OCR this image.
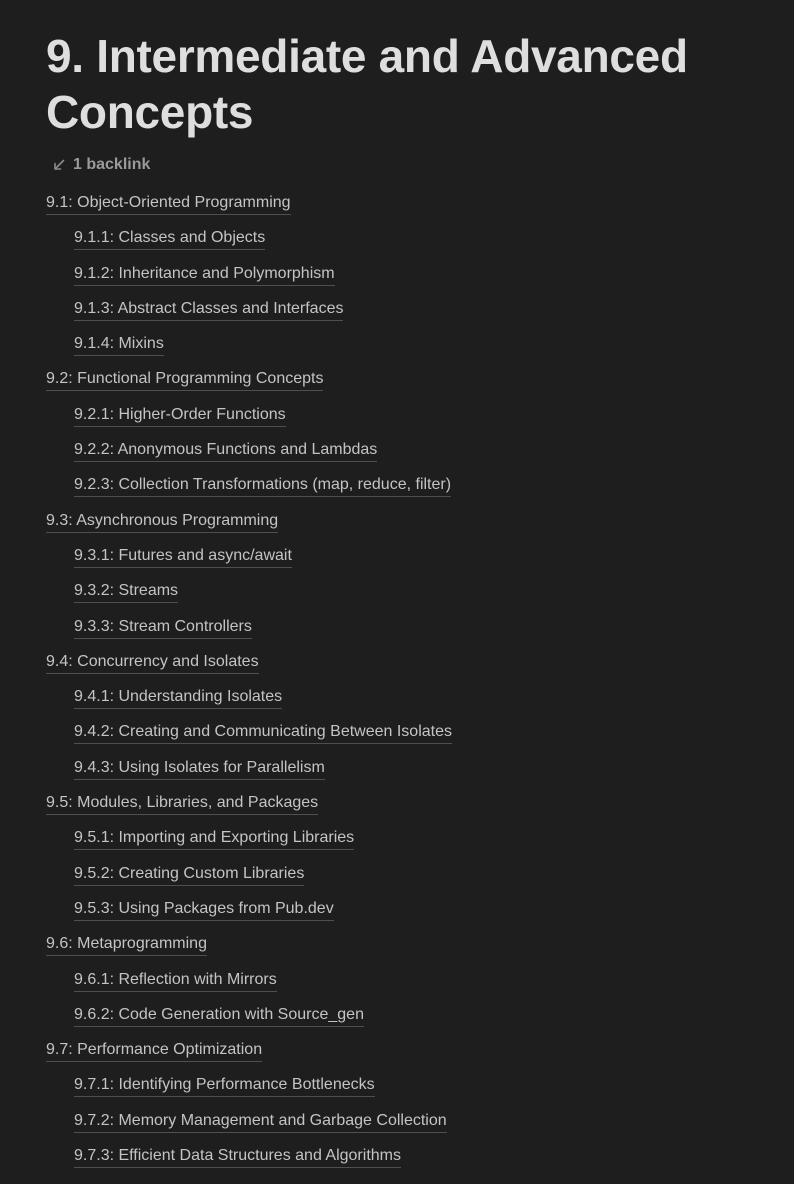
9. Intermediate and Advanced Concepts
1 backlink
9.1: Object-Oriented Programming
9.1.1: Classes and Objects
9.1.2: Inheritance and Polymorphism
9.1.3: Abstract Classes and Interfaces
9.1.4: Mixins
9.2: Functional Programming Concepts
9.2.1: Higher-Order Functions
9.2.2: Anonymous Functions and Lambdas
9.2.3: Collection Transformations (map, reduce, filter)
9.3: Asynchronous Programming
9.3.1: Futures and async/await
9.3.2: Streams
9.3.3: Stream Controllers
9.4: Concurrency and Isolates
9.4.1: Understanding Isolates
9.4.2: Creating and Communicating Between Isolates
9.4.3: Using Isolates for Parallelism
9.5: Modules, Libraries, and Packages
9.5.1: Importing and Exporting Libraries
9.5.2: Creating Custom Libraries
9.5.3: Using Packages from Pub.dev
9.6: Metaprogramming
9.6.1: Reflection with Mirrors
9.6.2: Code Generation with Source_gen
9.7: Performance Optimization
9.7.1: Identifying Performance Bottlenecks
9.7.2: Memory Management and Garbage Collection
9.7.3: Efficient Data Structures and Algorithms
